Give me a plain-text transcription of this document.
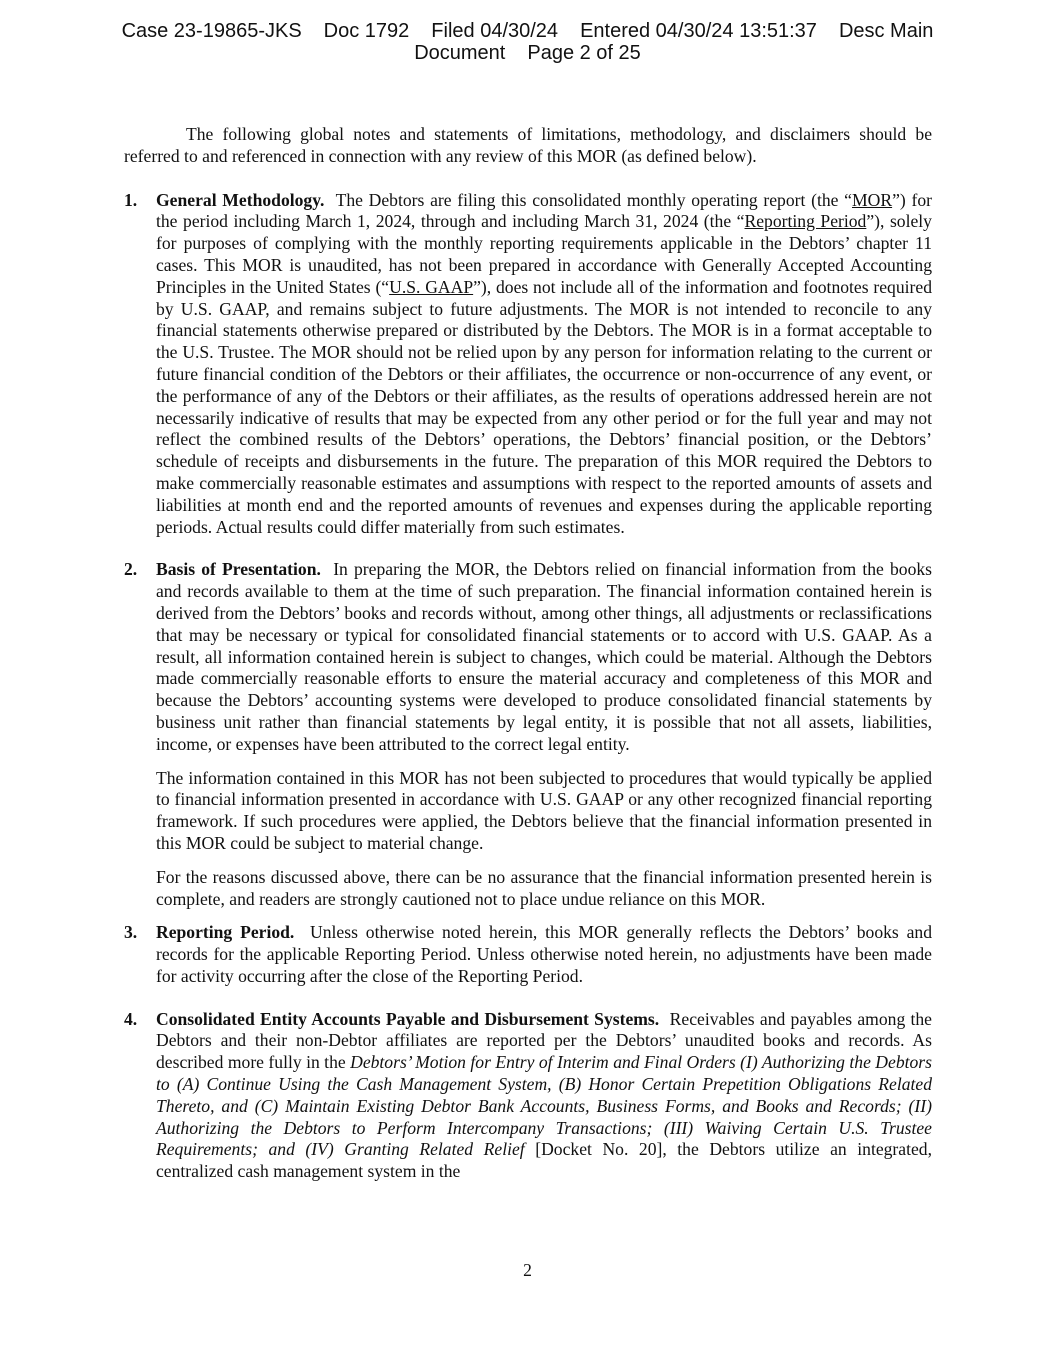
Case 23-19865-JKS Doc 1792 Filed 04/30/24 Entered 04/30/24 13:51:37 Desc Main
Document Page 2 of 25

The following global notes and statements of limitations, methodology, and disclaimers should be referred to and referenced in connection with any review of this MOR (as defined below).

1. General Methodology. The Debtors are filing this consolidated monthly operating report (the “MOR”) for the period including March 1, 2024, through and including March 31, 2024 (the “Reporting Period”), solely for purposes of complying with the monthly reporting requirements applicable in the Debtors’ chapter 11 cases. This MOR is unaudited, has not been prepared in accordance with Generally Accepted Accounting Principles in the United States (“U.S. GAAP”), does not include all of the information and footnotes required by U.S. GAAP, and remains subject to future adjustments. The MOR is not intended to reconcile to any financial statements otherwise prepared or distributed by the Debtors. The MOR is in a format acceptable to the U.S. Trustee. The MOR should not be relied upon by any person for information relating to the current or future financial condition of the Debtors or their affiliates, the occurrence or non-occurrence of any event, or the performance of any of the Debtors or their affiliates, as the results of operations addressed herein are not necessarily indicative of results that may be expected from any other period or for the full year and may not reflect the combined results of the Debtors’ operations, the Debtors’ financial position, or the Debtors’ schedule of receipts and disbursements in the future. The preparation of this MOR required the Debtors to make commercially reasonable estimates and assumptions with respect to the reported amounts of assets and liabilities at month end and the reported amounts of revenues and expenses during the applicable reporting periods. Actual results could differ materially from such estimates.

2. Basis of Presentation. In preparing the MOR, the Debtors relied on financial information from the books and records available to them at the time of such preparation. The financial information contained herein is derived from the Debtors’ books and records without, among other things, all adjustments or reclassifications that may be necessary or typical for consolidated financial statements or to accord with U.S. GAAP. As a result, all information contained herein is subject to changes, which could be material. Although the Debtors made commercially reasonable efforts to ensure the material accuracy and completeness of this MOR and because the Debtors’ accounting systems were developed to produce consolidated financial statements by business unit rather than financial statements by legal entity, it is possible that not all assets, liabilities, income, or expenses have been attributed to the correct legal entity.

The information contained in this MOR has not been subjected to procedures that would typically be applied to financial information presented in accordance with U.S. GAAP or any other recognized financial reporting framework. If such procedures were applied, the Debtors believe that the financial information presented in this MOR could be subject to material change.

For the reasons discussed above, there can be no assurance that the financial information presented herein is complete, and readers are strongly cautioned not to place undue reliance on this MOR.

3. Reporting Period. Unless otherwise noted herein, this MOR generally reflects the Debtors’ books and records for the applicable Reporting Period. Unless otherwise noted herein, no adjustments have been made for activity occurring after the close of the Reporting Period.

4. Consolidated Entity Accounts Payable and Disbursement Systems. Receivables and payables among the Debtors and their non-Debtor affiliates are reported per the Debtors’ unaudited books and records. As described more fully in the Debtors’ Motion for Entry of Interim and Final Orders (I) Authorizing the Debtors to (A) Continue Using the Cash Management System, (B) Honor Certain Prepetition Obligations Related Thereto, and (C) Maintain Existing Debtor Bank Accounts, Business Forms, and Books and Records; (II) Authorizing the Debtors to Perform Intercompany Transactions; (III) Waiving Certain U.S. Trustee Requirements; and (IV) Granting Related Relief [Docket No. 20], the Debtors utilize an integrated, centralized cash management system in the

2
